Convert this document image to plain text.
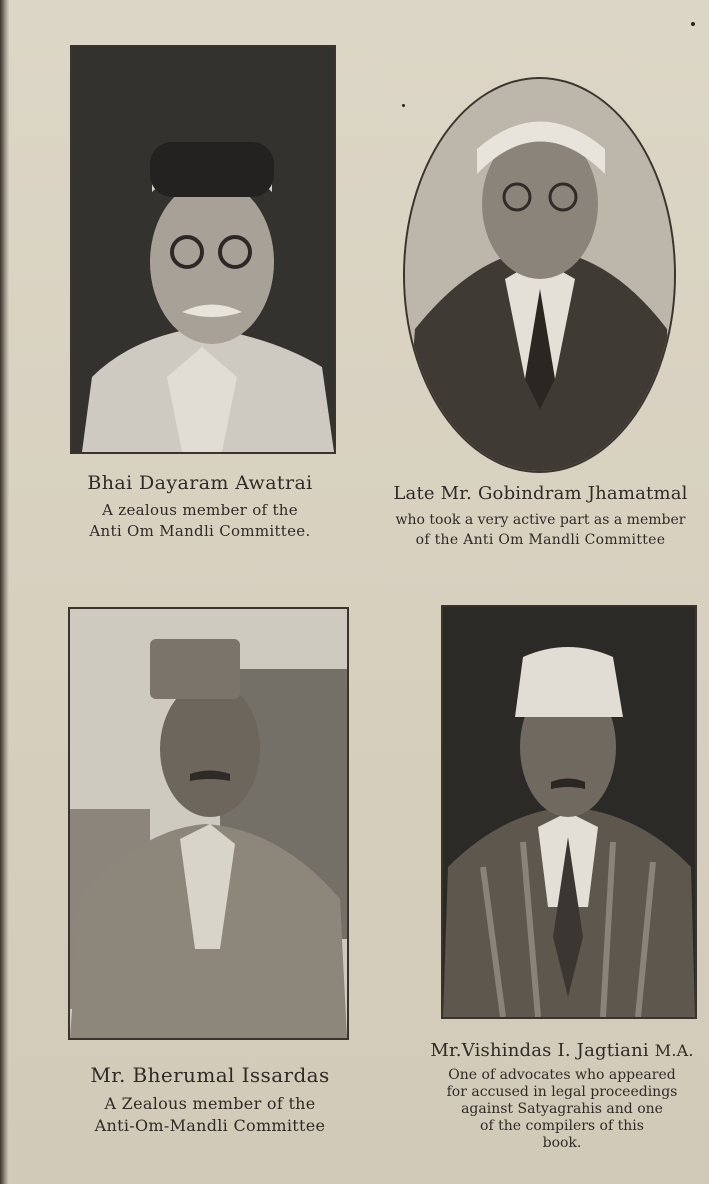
Bhai Dayaram Awatrai
A zealous member of the
Anti Om Mandli Committee.
Late Mr. Gobindram Jhamatmal
who took a very active part as a member
of the Anti Om Mandli Committee
Mr. Bherumal Issardas
A Zealous member of the
Anti-Om-Mandli Committee
Mr.Vishindas I. Jagtiani M.A.
One of advocates who appeared
for accused in legal proceedings
against Satyagrahis and one
of the compilers of this
book.
